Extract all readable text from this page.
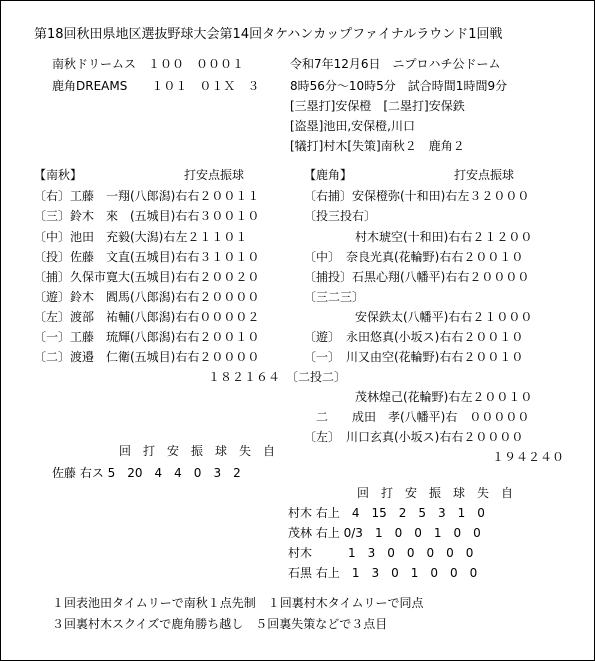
第18回秋田県地区選抜野球大会第14回タケハンカップファイナルラウンド1回戦
南秋ドリームス　１００　０００１
鹿角DREAMS　　１０１　０１Ｘ　３
令和7年12月6日　ニプロハチ公ドーム
8時56分～10時5分　試合時間1時間9分
[三塁打]安保橙　[二塁打]安保鉄
[盗塁]池田,安保橙,川口
[犠打]村木[失策]南秋２　鹿角２
【南秋】　　　　　　　　　打安点振球
〔右〕工藤　一翔(八郎潟)右右２００１１
〔三〕鈴木　來　(五城目)右右３００１０
〔中〕池田　充毅(大潟)右左２１１０１
〔投〕佐藤　文直(五城目)右右３１０１０
〔捕〕久保市寛大(五城目)右右２００２０
〔遊〕鈴木　閻馬(八郎潟)右右２００００
〔左〕渡部　祐輔(八郎潟)右右００００２
〔一〕工藤　琉輝(八郎潟)右右２００１０
〔二〕渡邉　仁衛(五城目)右右２００００
１８２１６４
【鹿角】　　　　　　　　　打安点振球
〔右捕〕安保橙弥(十和田)右左３２０００
〔投三投右〕
村木琥空(十和田)右右２１２００
〔中〕　奈良光真(花輪野)右右２００１０
〔捕投〕石黒心翔(八幡平)右右２００００
〔三二三〕
安保鉄太(八幡平)右右２１０００
〔遊〕　永田悠真(小坂ス)右右２００１０
〔一〕　川又由空(花輪野)右右２００１０
〔二投二〕
茂林煌己(花輪野)右左２００１０
二　　成田　孝(八幡平)右　０００００
〔左〕　川口玄真(小坂ス)右右２００００
１９４２４０
回　打　安　振　球　失　自
佐藤 右ス 5　20　4　4　0　3　2
回　打　安　振　球　失　自
村木 右上　4　15　2　5　3　1　0
茂林 右上 0/3　1　0　0　1　0　0
村木　　　1　3　0　0　0　0　0
石黒 右上　1　3　0　1　0　0　0
１回表池田タイムリーで南秋１点先制　１回裏村木タイムリーで同点
３回裏村木スクイズで鹿角勝ち越し　５回裏失策などで３点目
